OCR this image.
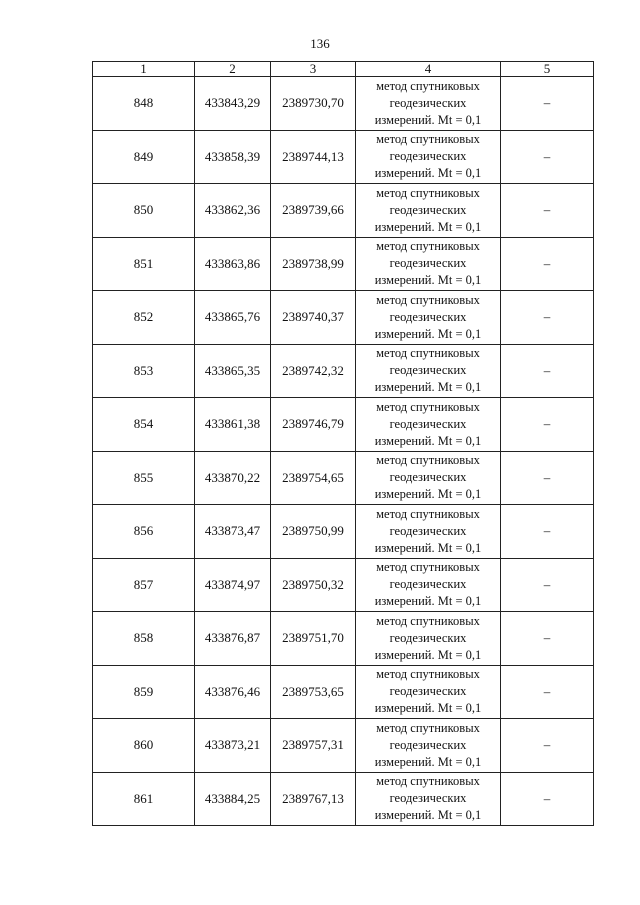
136
1	2	3	4	5
848	433843,29	2389730,70	метод спутниковых
геодезических
измерений. Mt = 0,1	–
849	433858,39	2389744,13	метод спутниковых
геодезических
измерений. Mt = 0,1	–
850	433862,36	2389739,66	метод спутниковых
геодезических
измерений. Mt = 0,1	–
851	433863,86	2389738,99	метод спутниковых
геодезических
измерений. Mt = 0,1	–
852	433865,76	2389740,37	метод спутниковых
геодезических
измерений. Mt = 0,1	–
853	433865,35	2389742,32	метод спутниковых
геодезических
измерений. Mt = 0,1	–
854	433861,38	2389746,79	метод спутниковых
геодезических
измерений. Mt = 0,1	–
855	433870,22	2389754,65	метод спутниковых
геодезических
измерений. Mt = 0,1	–
856	433873,47	2389750,99	метод спутниковых
геодезических
измерений. Mt = 0,1	–
857	433874,97	2389750,32	метод спутниковых
геодезических
измерений. Mt = 0,1	–
858	433876,87	2389751,70	метод спутниковых
геодезических
измерений. Mt = 0,1	–
859	433876,46	2389753,65	метод спутниковых
геодезических
измерений. Mt = 0,1	–
860	433873,21	2389757,31	метод спутниковых
геодезических
измерений. Mt = 0,1	–
861	433884,25	2389767,13	метод спутниковых
геодезических
измерений. Mt = 0,1	–
